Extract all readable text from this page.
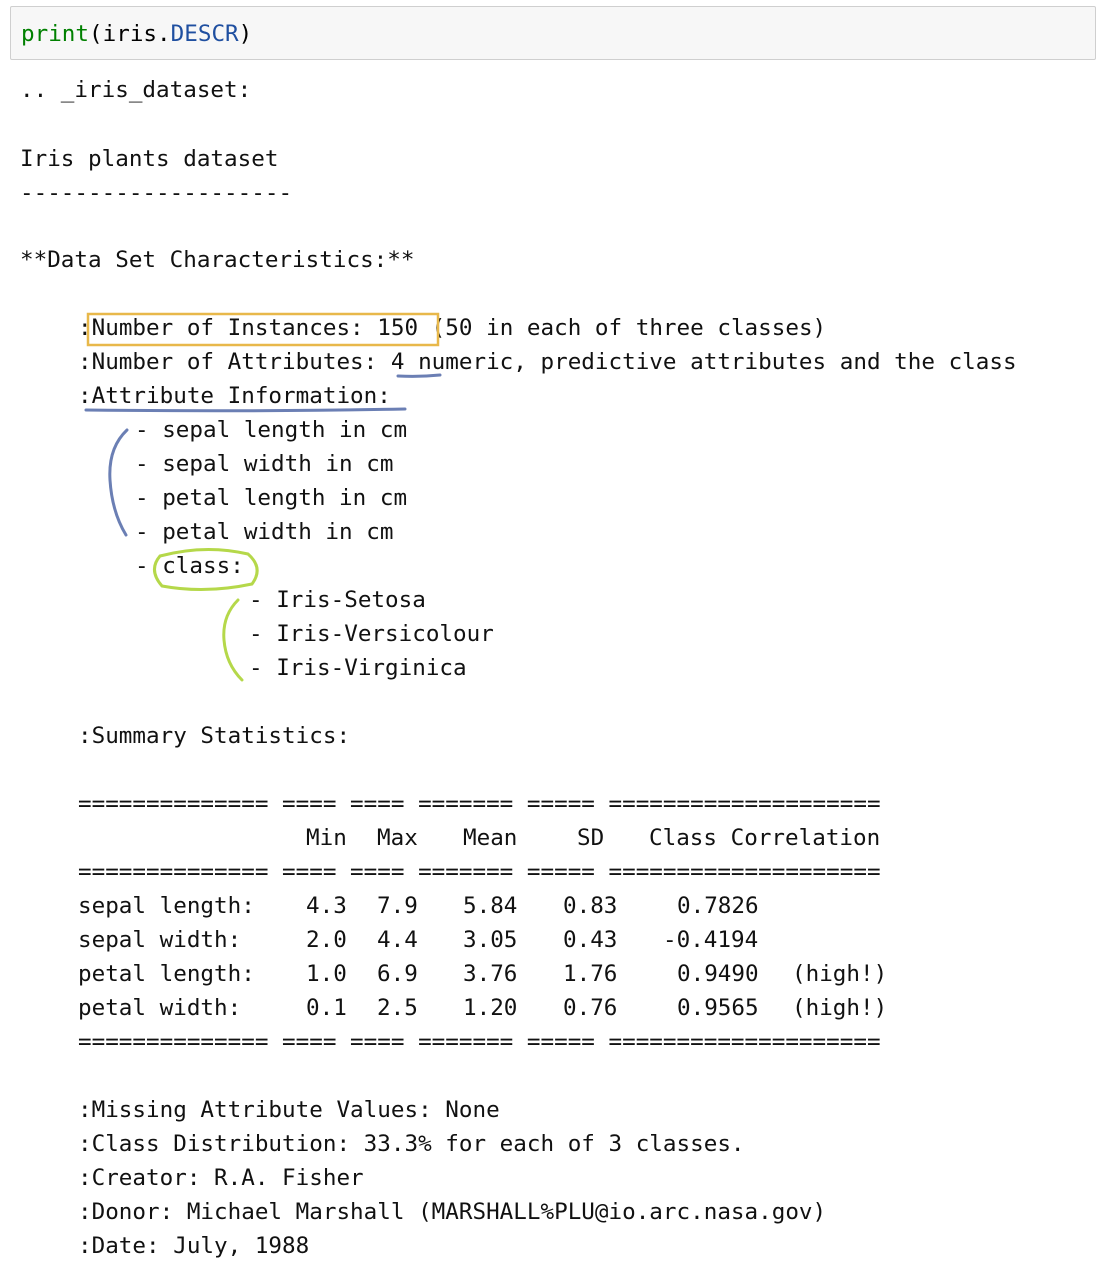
print(iris.DESCR)
.. _iris_dataset:
Iris plants dataset
--------------------
**Data Set Characteristics:**
:Number of Instances: 150 (50 in each of three classes)
:Number of Attributes: 4 numeric, predictive attributes and the class
:Attribute Information:
- sepal length in cm
- sepal width in cm
- petal length in cm
- petal width in cm
- class:
- Iris-Setosa
- Iris-Versicolour
- Iris-Virginica
:Summary Statistics:
============== ==== ==== ======= ===== ====================
Min Max Mean	SD Class Correlation
============== ==== ==== ======= ===== ====================
sepal length: 4.3 7.9 5.84 0.83	0.7826
sepal width:	2.0 4.4 3.05 0.43 -0.4194
petal length: 1.0 6.9 3.76 1.76	0.9490 (high!)
petal width:	0.1 2.5 1.20 0.76	0.9565 (high!)
============== ==== ==== ======= ===== ====================
:Missing Attribute Values: None
:Class Distribution: 33.3% for each of 3 classes.
:Creator: R.A. Fisher
:Donor: Michael Marshall (MARSHALL%PLU@io.arc.nasa.gov)
:Date: July, 1988
